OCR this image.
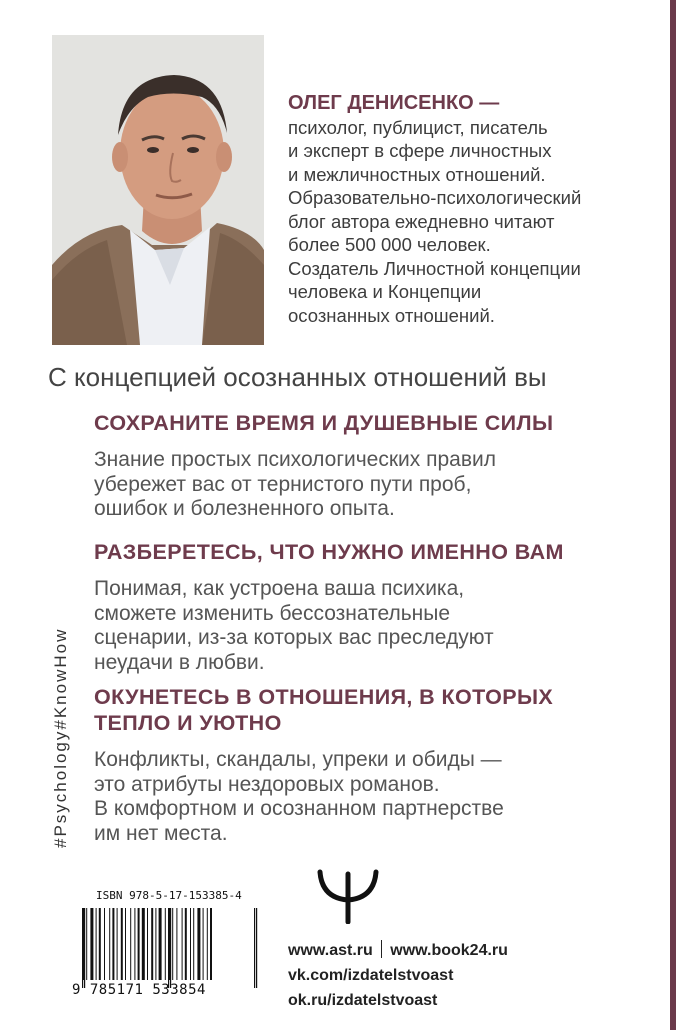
ОЛЕГ ДЕНИСЕНКО —
психолог, публицист, писатель
и эксперт в сфере личностных
и межличностных отношений.
Образовательно-психологический
блог автора ежедневно читают
более 500 000 человек.
Создатель Личностной концепции
человека и Концепции
осознанных отношений.
С концепцией осознанных отношений вы
СОХРАНИТЕ ВРЕМЯ И ДУШЕВНЫЕ СИЛЫ
Знание простых психологических правил
убережет вас от тернистого пути проб,
ошибок и болезненного опыта.
РАЗБЕРЕТЕСЬ, ЧТО НУЖНО ИМЕННО ВАМ
Понимая, как устроена ваша психика,
сможете изменить бессознательные
сценарии, из-за которых вас преследуют
неудачи в любви.
ОКУНЕТЕСЬ В ОТНОШЕНИЯ, В КОТОРЫХ
ТЕПЛО И УЮТНО
Конфликты, скандалы, упреки и обиды —
это атрибуты нездоровых романов.
В комфортном и осознанном партнерстве
им нет места.
#Psychology#KnowHow
ISBN 978-5-17-153385-4
9 785171 533854
www.ast.ru www.book24.ru
vk.com/izdatelstvoast
ok.ru/izdatelstvoast
